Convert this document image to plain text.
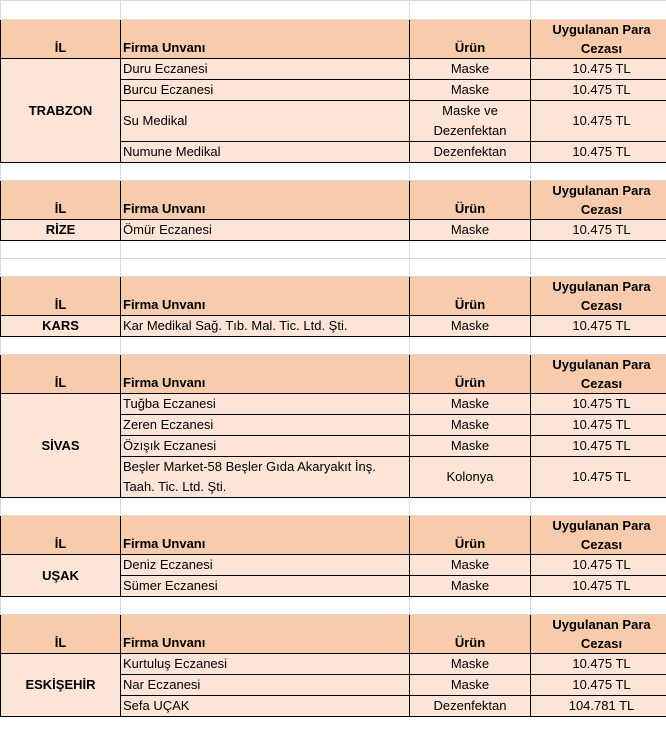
İL	Firma Unvanı	Ürün	Uygulanan Para Cezası
TRABZON	Duru Eczanesi	Maske	10.475 TL
	Burcu Eczanesi	Maske	10.475 TL
	Su Medikal	Maske ve Dezenfektan	10.475 TL
	Numune Medikal	Dezenfektan	10.475 TL

İL	Firma Unvanı	Ürün	Uygulanan Para Cezası
RİZE	Ömür Eczanesi	Maske	10.475 TL

İL	Firma Unvanı	Ürün	Uygulanan Para Cezası
KARS	Kar Medikal Sağ. Tıb. Mal. Tic. Ltd. Şti.	Maske	10.475 TL

İL	Firma Unvanı	Ürün	Uygulanan Para Cezası
SİVAS	Tuğba Eczanesi	Maske	10.475 TL
	Zeren Eczanesi	Maske	10.475 TL
	Özışık Eczanesi	Maske	10.475 TL
	Beşler Market-58 Beşler Gıda Akaryakıt İnş. Taah. Tic. Ltd. Şti.	Kolonya	10.475 TL

İL	Firma Unvanı	Ürün	Uygulanan Para Cezası
UŞAK	Deniz Eczanesi	Maske	10.475 TL
	Sümer Eczanesi	Maske	10.475 TL

İL	Firma Unvanı	Ürün	Uygulanan Para Cezası
ESKİŞEHİR	Kurtuluş Eczanesi	Maske	10.475 TL
	Nar Eczanesi	Maske	10.475 TL
	Sefa UÇAK	Dezenfektan	104.781 TL
